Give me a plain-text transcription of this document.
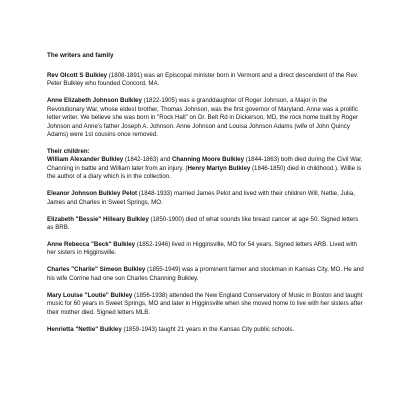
The writers and family

Rev Olcott S Bulkley (1808-1891) was an Episcopal minister born in Vermont and a direct descendent of the Rev. Peter Bulkley who founded Concord, MA.

Anne Elizabeth Johnson Bulkley (1822-1905) was a granddaughter of Roger Johnson, a Major in the Revolutionary War, whose eldest brother, Thomas Johnson, was the first governor of Maryland. Anne was a prolific letter writer. We believe she was born in "Rock Hall" on Dr. Belt Rd in Dickerson, MD, the rock home built by Roger Johnson and Anne's father Joseph A. Johnson. Anne Johnson and Louisa Johnson Adams (wife of John Quincy Adams) were 1st cousins once removed.

Their children:

William Alexander Bulkley (1842-1863) and Channing Moore Bulkley (1844-1863) both died during the Civil War, Channing in battle and William later from an injury. (Henry Martyn Bulkley (1846-1850) died in childhood.). Willie is the author of a diary which is in the collection.

Eleanor Johnson Bulkley Pelot (1848-1933) married James Pelot and lived with their children Will, Nettie, Julia, James and Charles in Sweet Springs, MO.

Elizabeth "Bessie" Hilleary Bulkley (1850-1900) died of what sounds like breast cancer at age 50. Signed letters as BRB.

Anne Rebecca "Beck" Bulkley (1852-1946) lived in Higginsville, MO for 54 years. Signed letters ARB. Lived with her sisters in Higginsville.

Charles "Charlie" Simeon Bulkley (1855-1949) was a prominent farmer and stockman in Kansas City, MO. He and his wife Corrine had one son Charles Channing Bulkley.

Mary Louise "Loutie" Bulkley (1856-1938) attended the New England Conservatory of Music in Boston and taught music for 60 years in Sweet Springs, MO and later in Higginsville when she moved home to live with her sisters after their mother died. Signed letters MLB.

Henrietta "Nettie" Bulkley (1859-1943) taught 21 years in the Kansas City public schools.
